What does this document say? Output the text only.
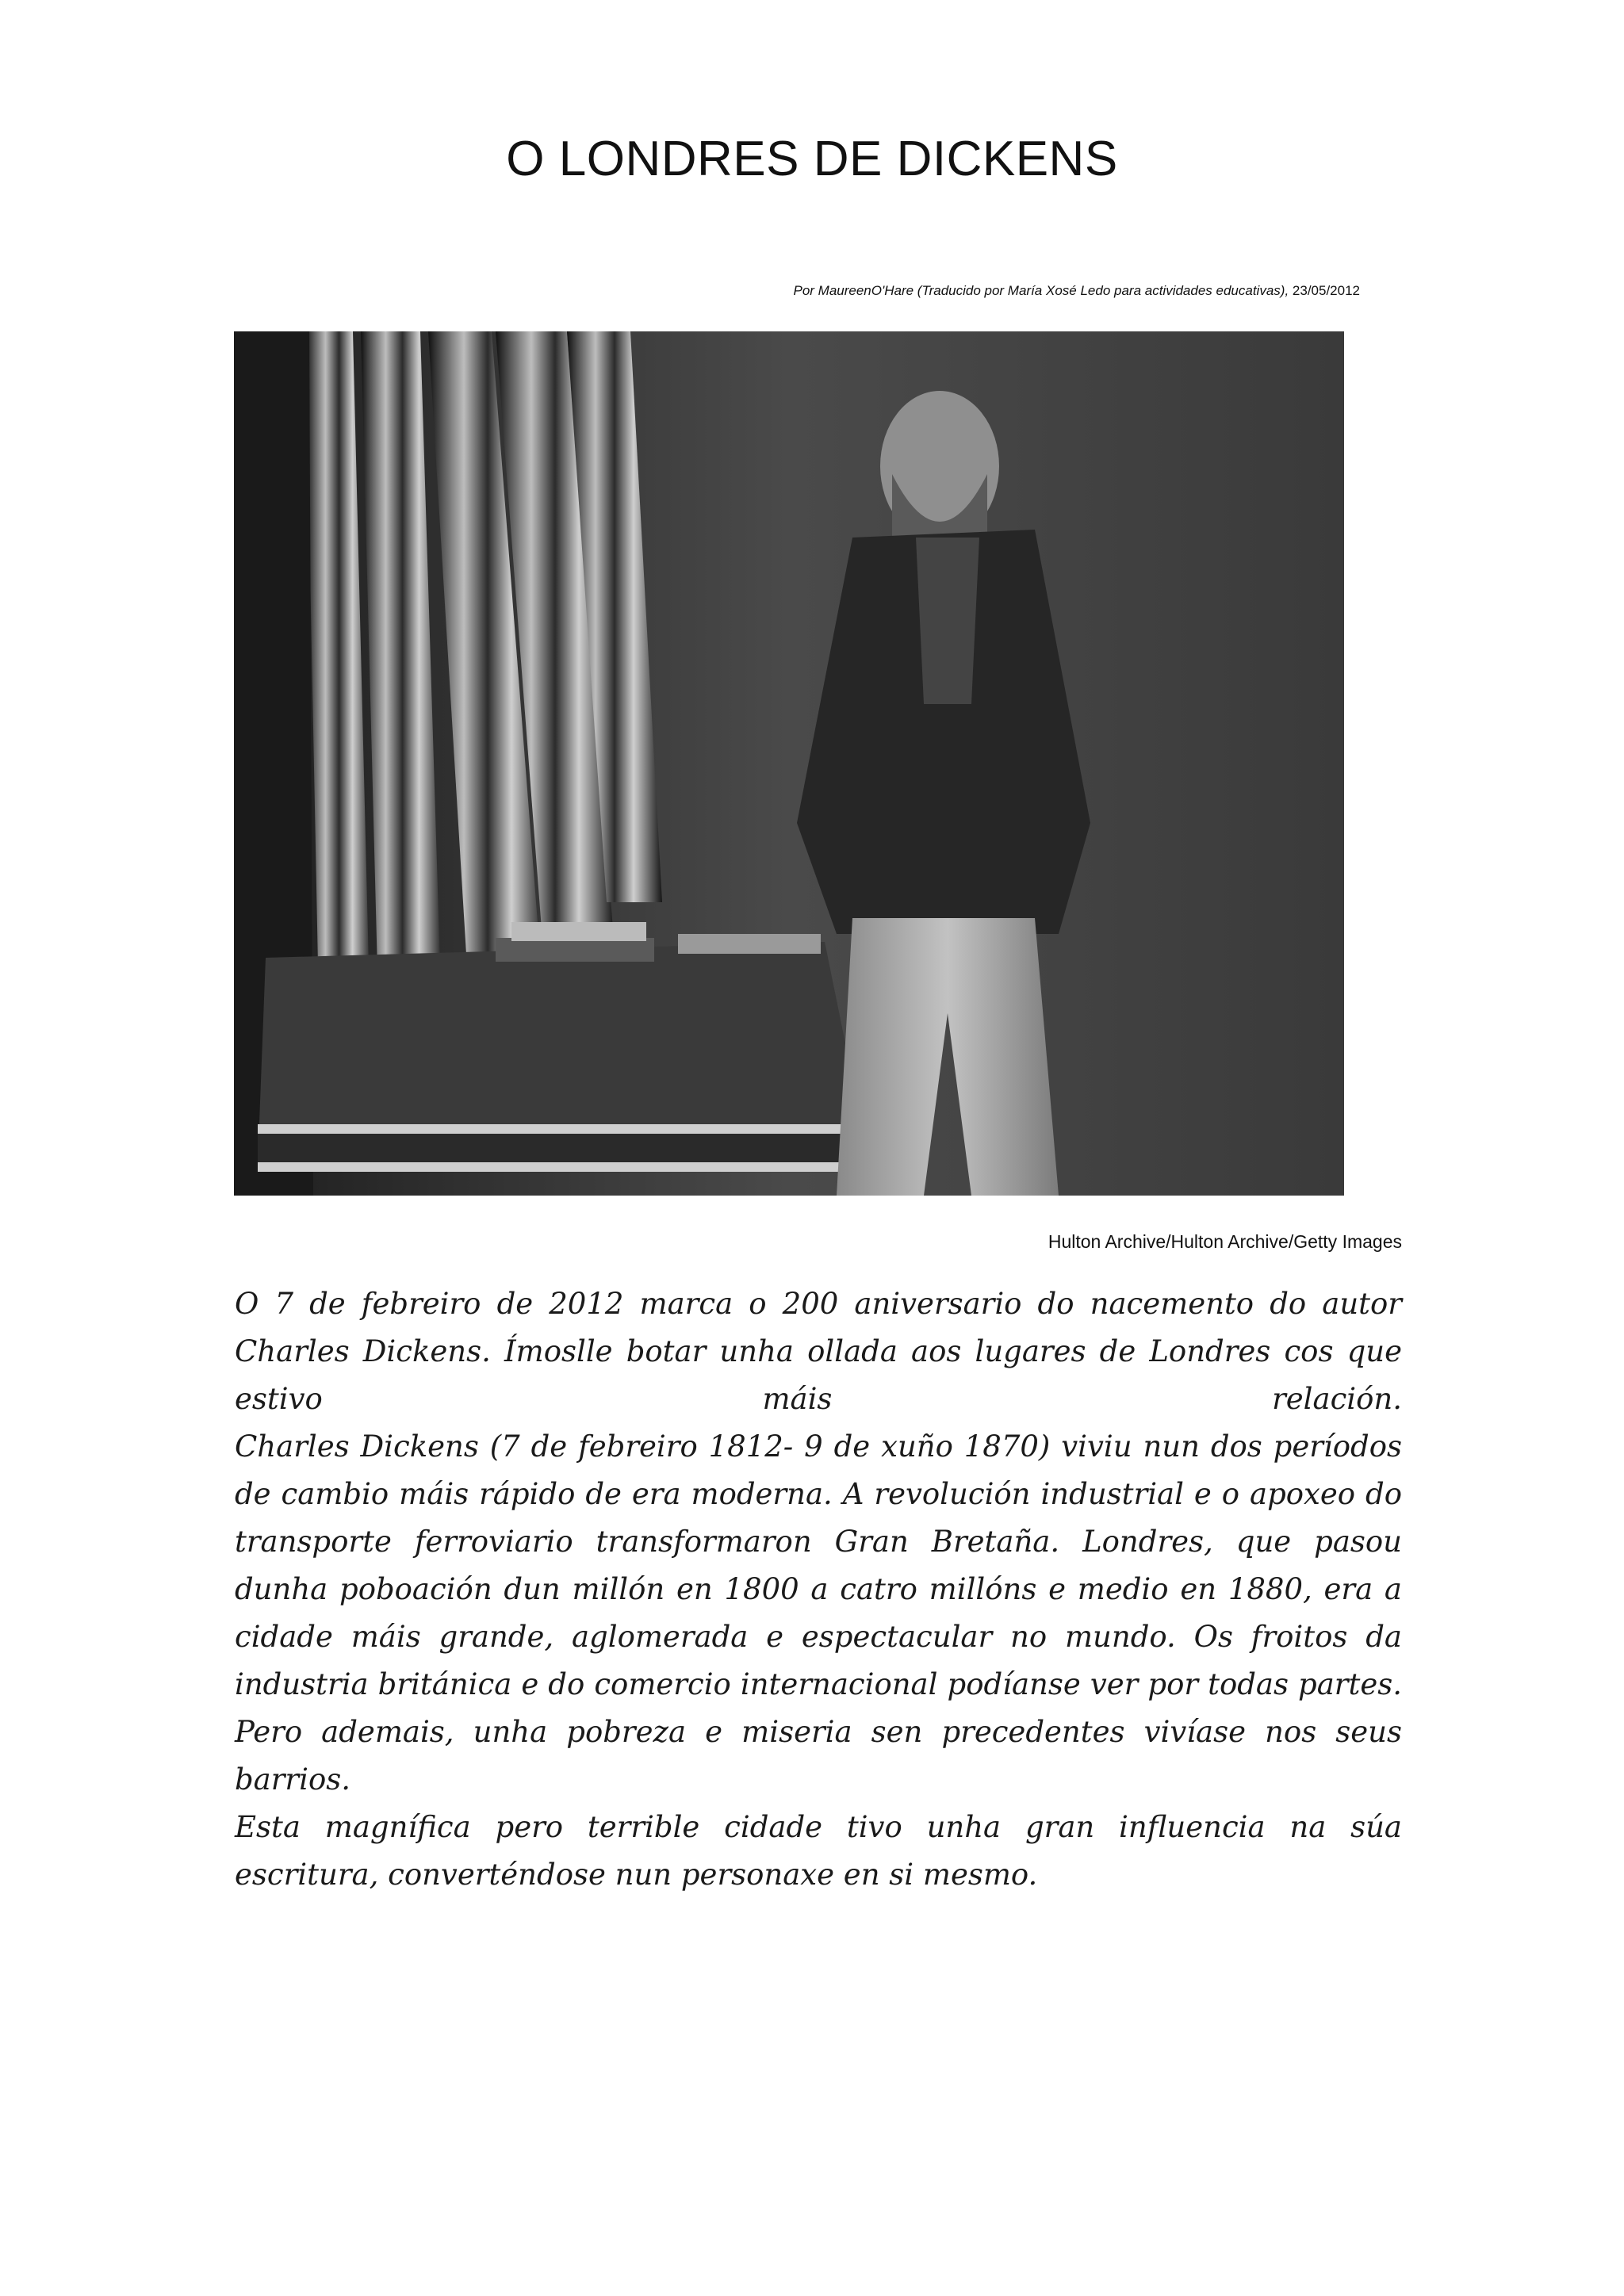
O LONDRES DE DICKENS
Por MaureenO'Hare (Traducido por María Xosé Ledo para actividades educativas), 23/05/2012
Hulton Archive/Hulton Archive/Getty Images

O 7 de febreiro de 2012 marca o 200 aniversario do nacemento do autor Charles Dickens. Ímoslle botar unha ollada aos lugares de Londres cos que estivo máis relación.

Charles Dickens (7 de febreiro 1812- 9 de xuño 1870) viviu nun dos períodos de cambio máis rápido de era moderna. A revolución industrial e o apoxeo do transporte ferroviario transformaron Gran Bretaña. Londres, que pasou dunha poboación dun millón en 1800 a catro millóns e medio en 1880, era a cidade máis grande, aglomerada e espectacular no mundo. Os froitos da industria británica e do comercio internacional podíanse ver por todas partes. Pero ademais, unha pobreza e miseria sen precedentes vivíase nos seus barrios.

Esta magnífica pero terrible cidade tivo unha gran influencia na súa escritura, converténdose nun personaxe en si mesmo.
